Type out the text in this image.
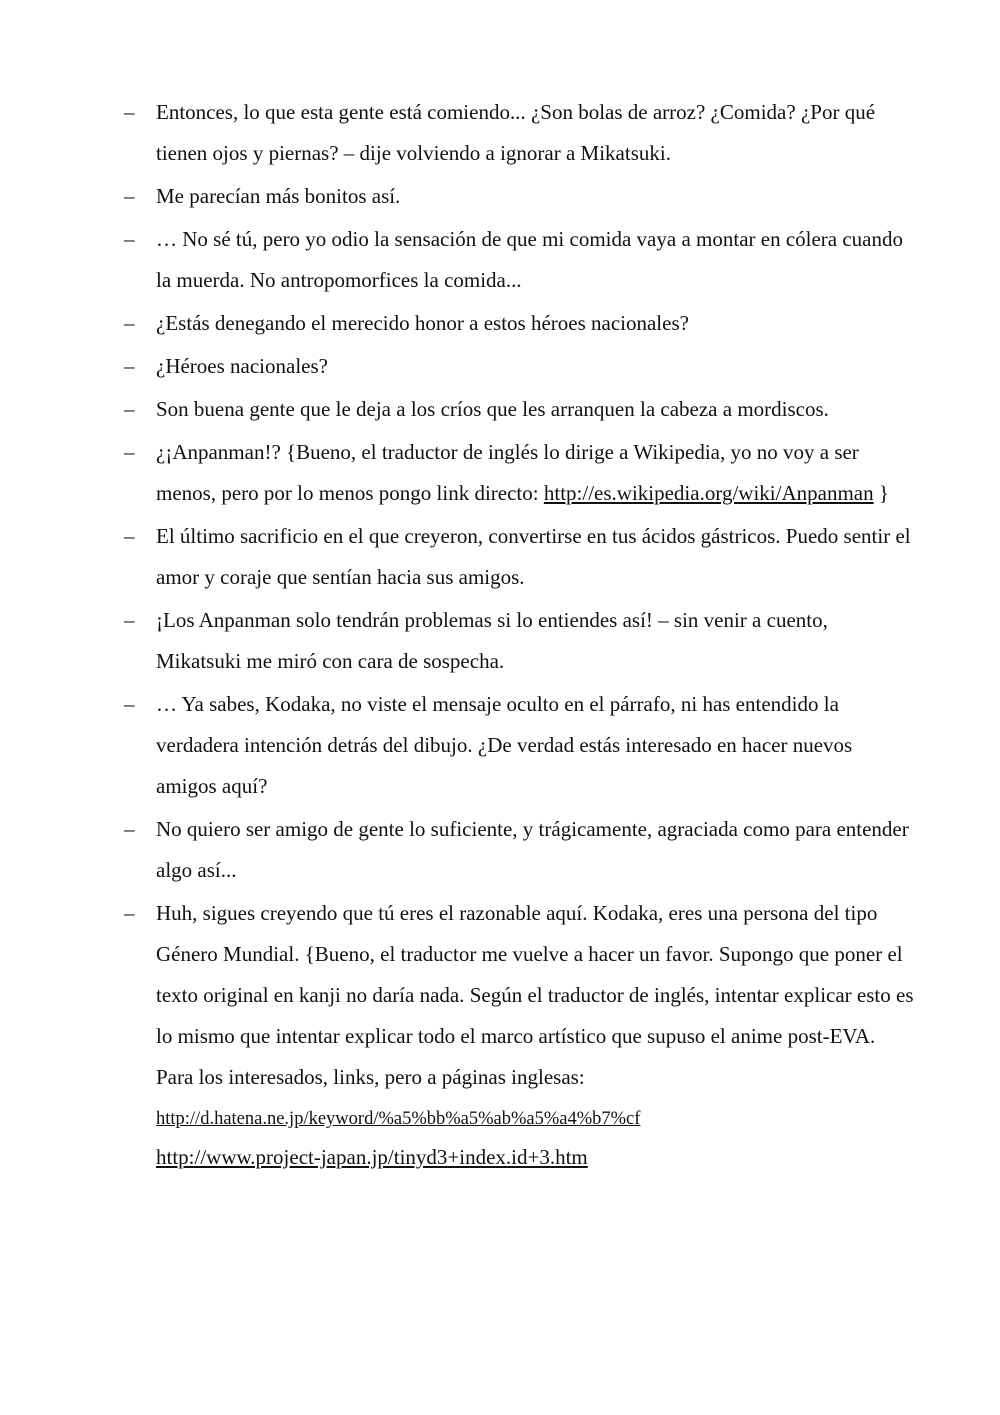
–	Entonces, lo que esta gente está comiendo... ¿Son bolas de arroz? ¿Comida? ¿Por qué tienen ojos y piernas? – dije volviendo a ignorar a Mikatsuki.
–	Me parecían más bonitos así.
–	… No sé tú, pero yo odio la sensación de que mi comida vaya a montar en cólera cuando la muerda. No antropomorfices la comida...
–	¿Estás denegando el merecido honor a estos héroes nacionales?
–	¿Héroes nacionales?
–	Son buena gente que le deja a los críos que les arranquen la cabeza a mordiscos.
–	¿¡Anpanman!? {Bueno, el traductor de inglés lo dirige a Wikipedia, yo no voy a ser menos, pero por lo menos pongo link directo: http://es.wikipedia.org/wiki/Anpanman }
–	El último sacrificio en el que creyeron, convertirse en tus ácidos gástricos. Puedo sentir el amor y coraje que sentían hacia sus amigos.
–	¡Los Anpanman solo tendrán problemas si lo entiendes así! – sin venir a cuento, Mikatsuki me miró con cara de sospecha.
–	… Ya sabes, Kodaka, no viste el mensaje oculto en el párrafo, ni has entendido la verdadera intención detrás del dibujo. ¿De verdad estás interesado en hacer nuevos amigos aquí?
–	No quiero ser amigo de gente lo suficiente, y trágicamente, agraciada como para entender algo así...
–	Huh, sigues creyendo que tú eres el razonable aquí. Kodaka, eres una persona del tipo Género Mundial. {Bueno, el traductor me vuelve a hacer un favor. Supongo que poner el texto original en kanji no daría nada. Según el traductor de inglés, intentar explicar esto es lo mismo que intentar explicar todo el marco artístico que supuso el anime post-EVA. Para los interesados, links, pero a páginas inglesas:
http://d.hatena.ne.jp/keyword/%a5%bb%a5%ab%a5%a4%b7%cf
http://www.project-japan.jp/tinyd3+index.id+3.htm
